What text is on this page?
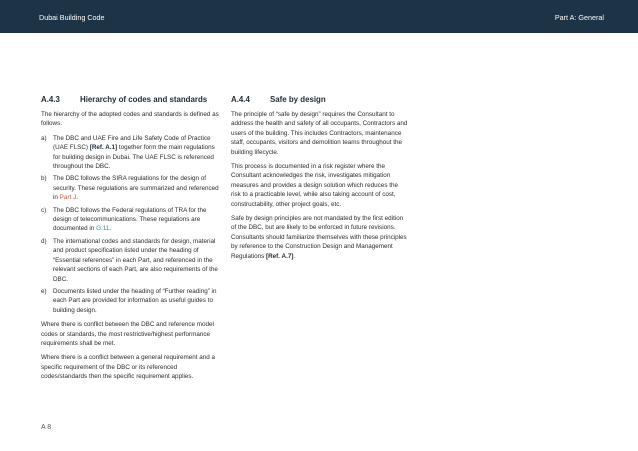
Dubai Building Code	Part A: General
A.4.3	Hierarchy of codes and standards

The hierarchy of the adopted codes and standards is defined as follows.

a) The DBC and UAE Fire and Life Safety Code of Practice (UAE FLSC) [Ref. A.1] together form the main regulations for building design in Dubai. The UAE FLSC is referenced throughout the DBC.
b) The DBC follows the SIRA regulations for the design of security. These regulations are summarized and referenced in Part J.
c) The DBC follows the Federal regulations of TRA for the design of telecommunications. These regulations are documented in G.11.
d) The international codes and standards for design, material and product specification listed under the heading of “Essential references” in each Part, and referenced in the relevant sections of each Part, are also requirements of the DBC.
e) Documents listed under the heading of “Further reading” in each Part are provided for information as useful guides to building design.

Where there is conflict between the DBC and reference model codes or standards, the most restrictive/highest performance requirements shall be met.

Where there is a conflict between a general requirement and a specific requirement of the DBC or its referenced codes/standards then the specific requirement applies.

A.4.4	Safe by design

The principle of “safe by design” requires the Consultant to address the health and safety of all occupants, Contractors and users of the building. This includes Contractors, maintenance staff, occupants, visitors and demolition teams throughout the building lifecycle.

This process is documented in a risk register where the Consultant acknowledges the risk, investigates mitigation measures and provides a design solution which reduces the risk to a practicable level, while also taking account of cost, constructability, other project goals, etc.

Safe by design principles are not mandated by the first edition of the DBC, but are likely to be enforced in future revisions. Consultants should familiarize themselves with these principles by reference to the Construction Design and Management Regulations [Ref. A.7].

A 8
